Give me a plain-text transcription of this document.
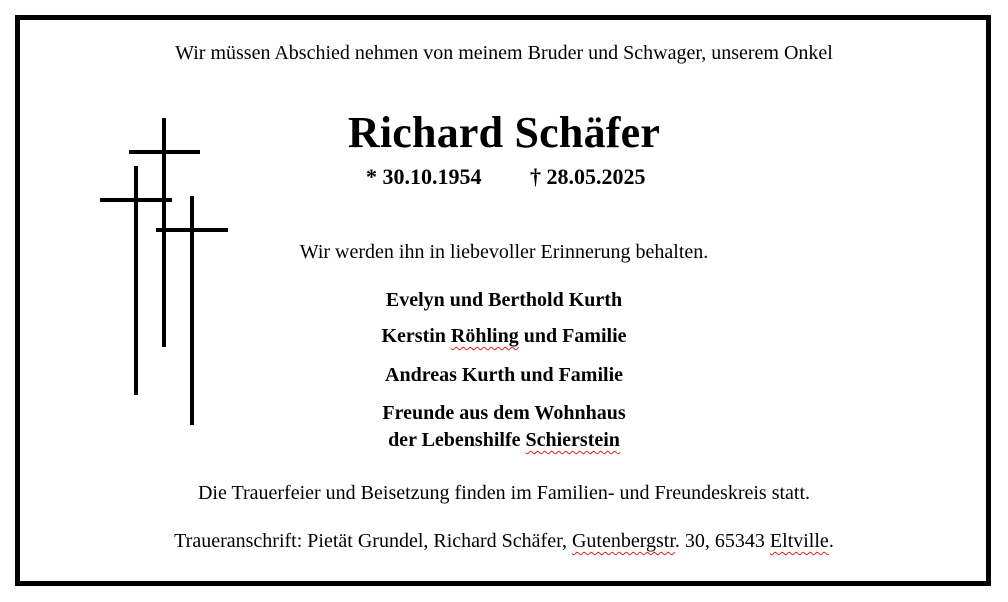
Wir müssen Abschied nehmen von meinem Bruder und Schwager, unserem Onkel
Richard Schäfer
* 30.10.1954 † 28.05.2025
Wir werden ihn in liebevoller Erinnerung behalten.
Evelyn und Berthold Kurth
Kerstin Röhling und Familie
Andreas Kurth und Familie
Freunde aus dem Wohnhaus
der Lebenshilfe Schierstein
Die Trauerfeier und Beisetzung finden im Familien- und Freundeskreis statt.
Traueranschrift: Pietät Grundel, Richard Schäfer, Gutenbergstr. 30, 65343 Eltville.
